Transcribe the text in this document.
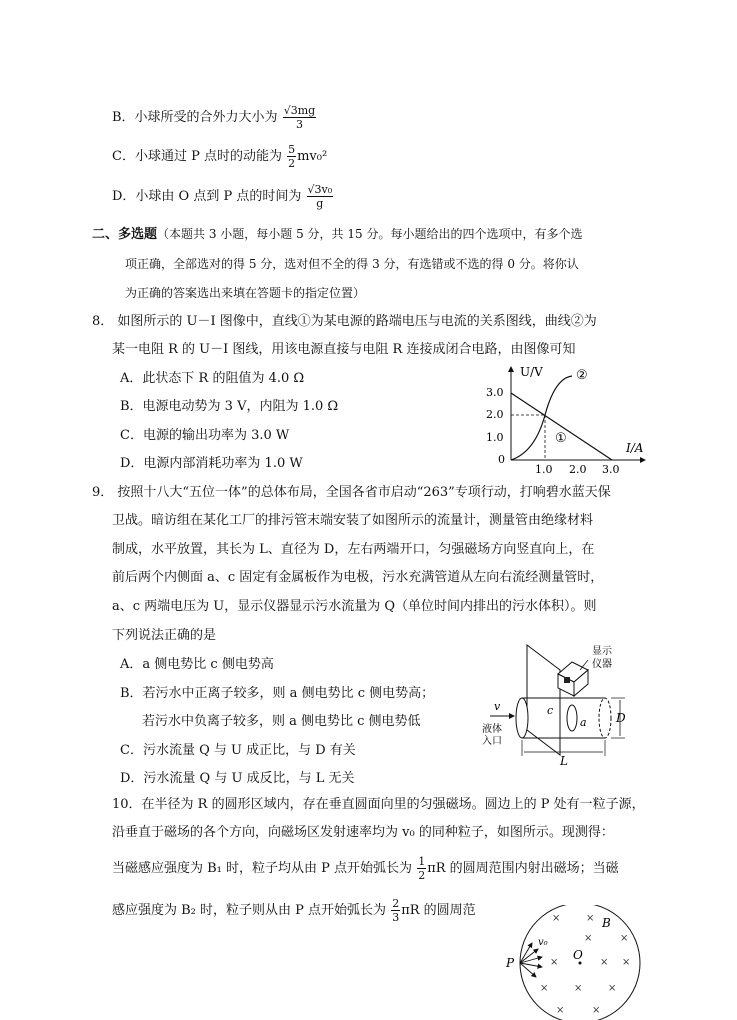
B．小球所受的合外力大小为 $\frac{√3mg}{3}$
C．小球通过 P 点时的动能为 $\frac{5}{2} mv_0^2$
D．小球由 O 点到 P 点的时间为 $\frac{\text{√3v₀}}{g}$
二、多选题（本题共 3 小题，每小题 5 分，共 15 分。每小题给出的四个选项中，有多个选
项正确，全部选对的得 5 分，选对但不全的得 3 分，有选错或不选的得 0 分。将你认
为正确的答案选出来填在答题卡的指定位置）
8． 如图所示的 U－I 图像中，直线①为某电源的路端电压与电流的关系图线，曲线②为
某一电阻 R 的 U－I 图线，用该电源直接与电阻 R 连接成闭合电路，由图像可知
A．此状态下 R 的阻值为 4.0 Ω
B．电源电动势为 3 V，内阻为 1.0 Ω
C．电源的输出功率为 3.0 W
D．电源内部消耗功率为 1.0 W
U/V
I/A
3.0
2.0
1.0
0
1.0 2.0 3.0
①
②
9． 按照十八大“五位一体”的总体布局，全国各省市启动“263”专项行动，打响碧水蓝天保
卫战。暗访组在某化工厂的排污管末端安装了如图所示的流量计，测量管由绝缘材料
制成，水平放置，其长为 L、直径为 D，左右两端开口，匀强磁场方向竖直向上，在
前后两个内侧面 a、c 固定有金属板作为电极，污水充满管道从左向右流经测量管时，
a、c 两端电压为 U，显示仪器显示污水流量为 Q（单位时间内排出的污水体积）。则
下列说法正确的是
A．a 侧电势比 c 侧电势高
B．若污水中正离子较多，则 a 侧电势比 c 侧电势高；
若污水中负离子较多，则 a 侧电势比 c 侧电势低
C．污水流量 Q 与 U 成正比，与 D 有关
D．污水流量 Q 与 U 成反比，与 L 无关
显示
仪器
v
液体
入口
c
a D
L
10．在半径为 R 的圆形区域内，存在垂直圆面向里的匀强磁场。圆边上的 P 处有一粒子源，
沿垂直于磁场的各个方向，向磁场区发射速率均为 v₀ 的同种粒子，如图所示。现测得：
当磁感应强度为 B₁ 时，粒子均从由 P 点开始弧长为 $\frac{1}{2}$ πR 的圆周范围内射出磁场；当磁
感应强度为 B₂ 时，粒子则从由 P 点开始弧长为 $\frac{2}{3}$ πR 的圆周范
×	×
×	×
×	× ×
×	×	×
×	×
B
O
P
v₀
